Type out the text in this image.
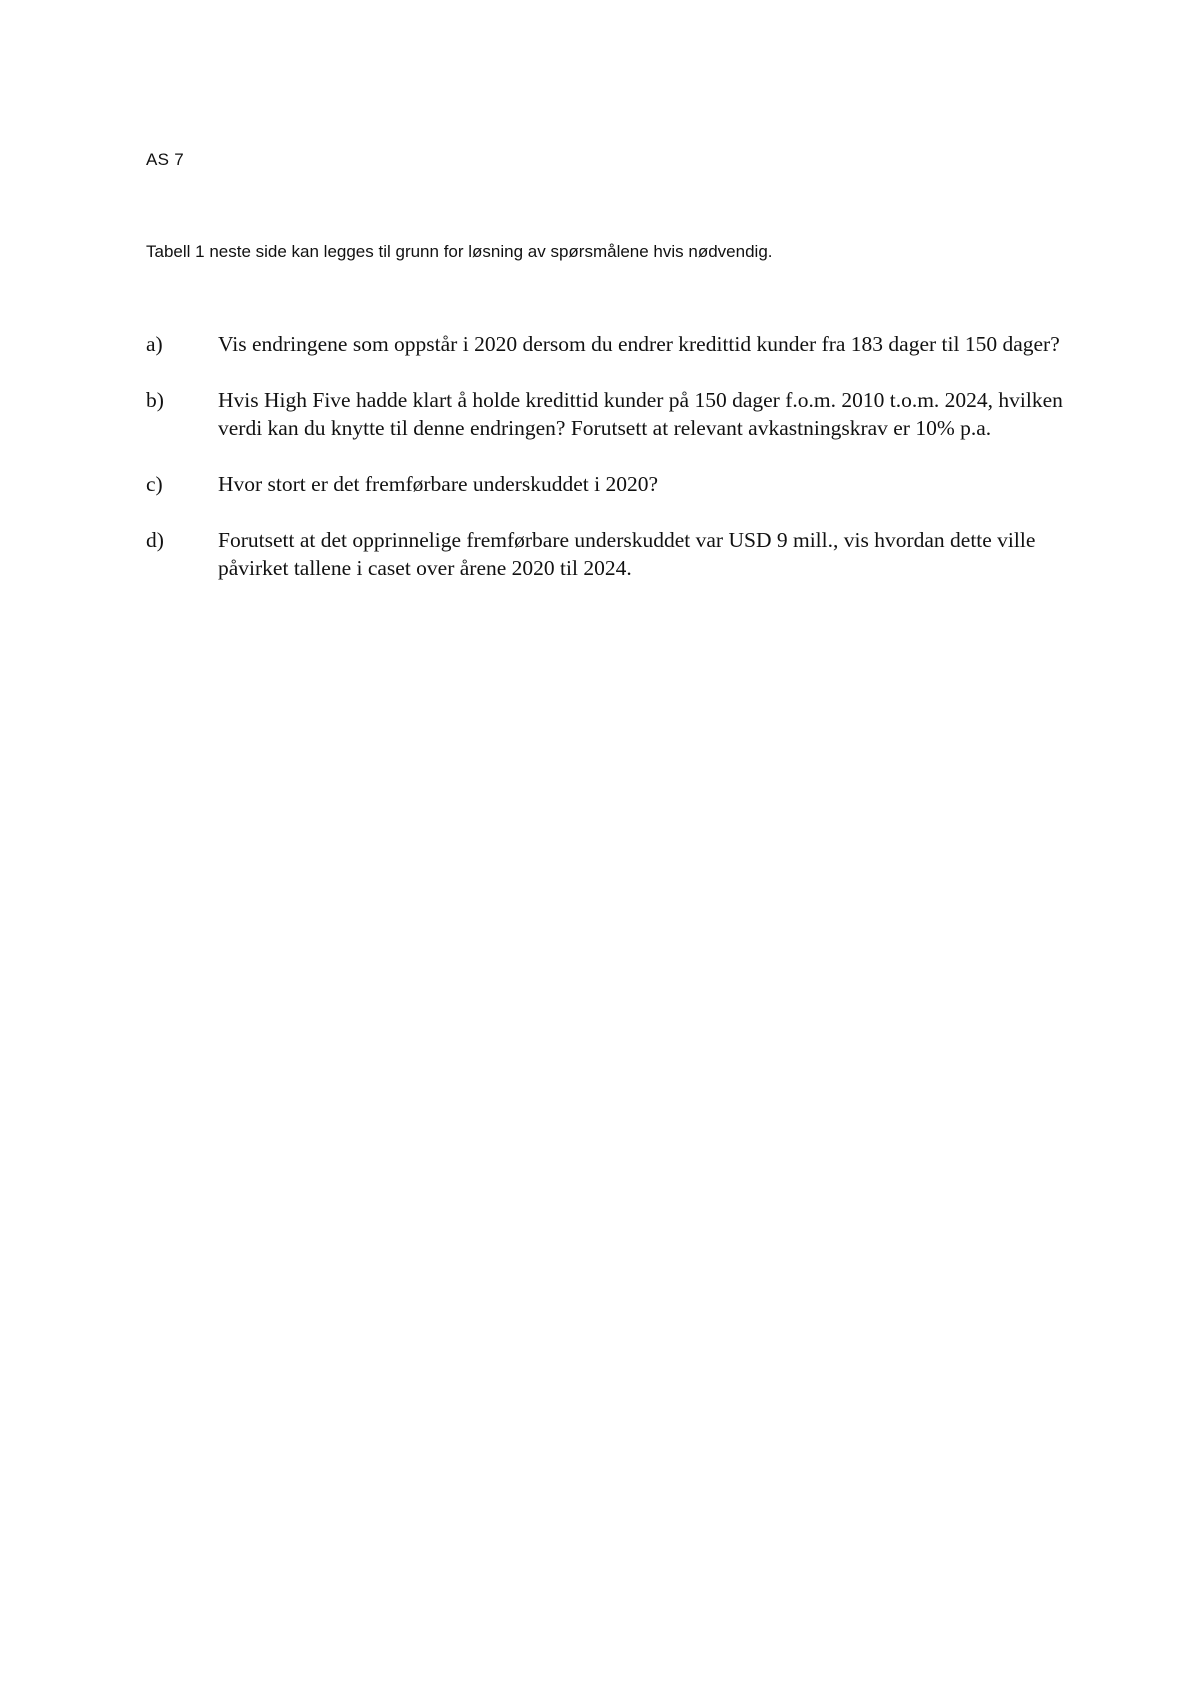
AS 7
Tabell 1 neste side kan legges til grunn for løsning av spørsmålene hvis nødvendig.
a)	Vis endringene som oppstår i 2020 dersom du endrer kredittid kunder fra 183 dager til 150 dager?
b)	Hvis High Five hadde klart å holde kredittid kunder på 150 dager f.o.m. 2010 t.o.m. 2024, hvilken verdi kan du knytte til denne endringen? Forutsett at relevant avkastningskrav er 10% p.a.
c)	Hvor stort er det fremførbare underskuddet i 2020?
d)	Forutsett at det opprinnelige fremførbare underskuddet var USD 9 mill., vis hvordan dette ville påvirket tallene i caset over årene 2020 til 2024.
